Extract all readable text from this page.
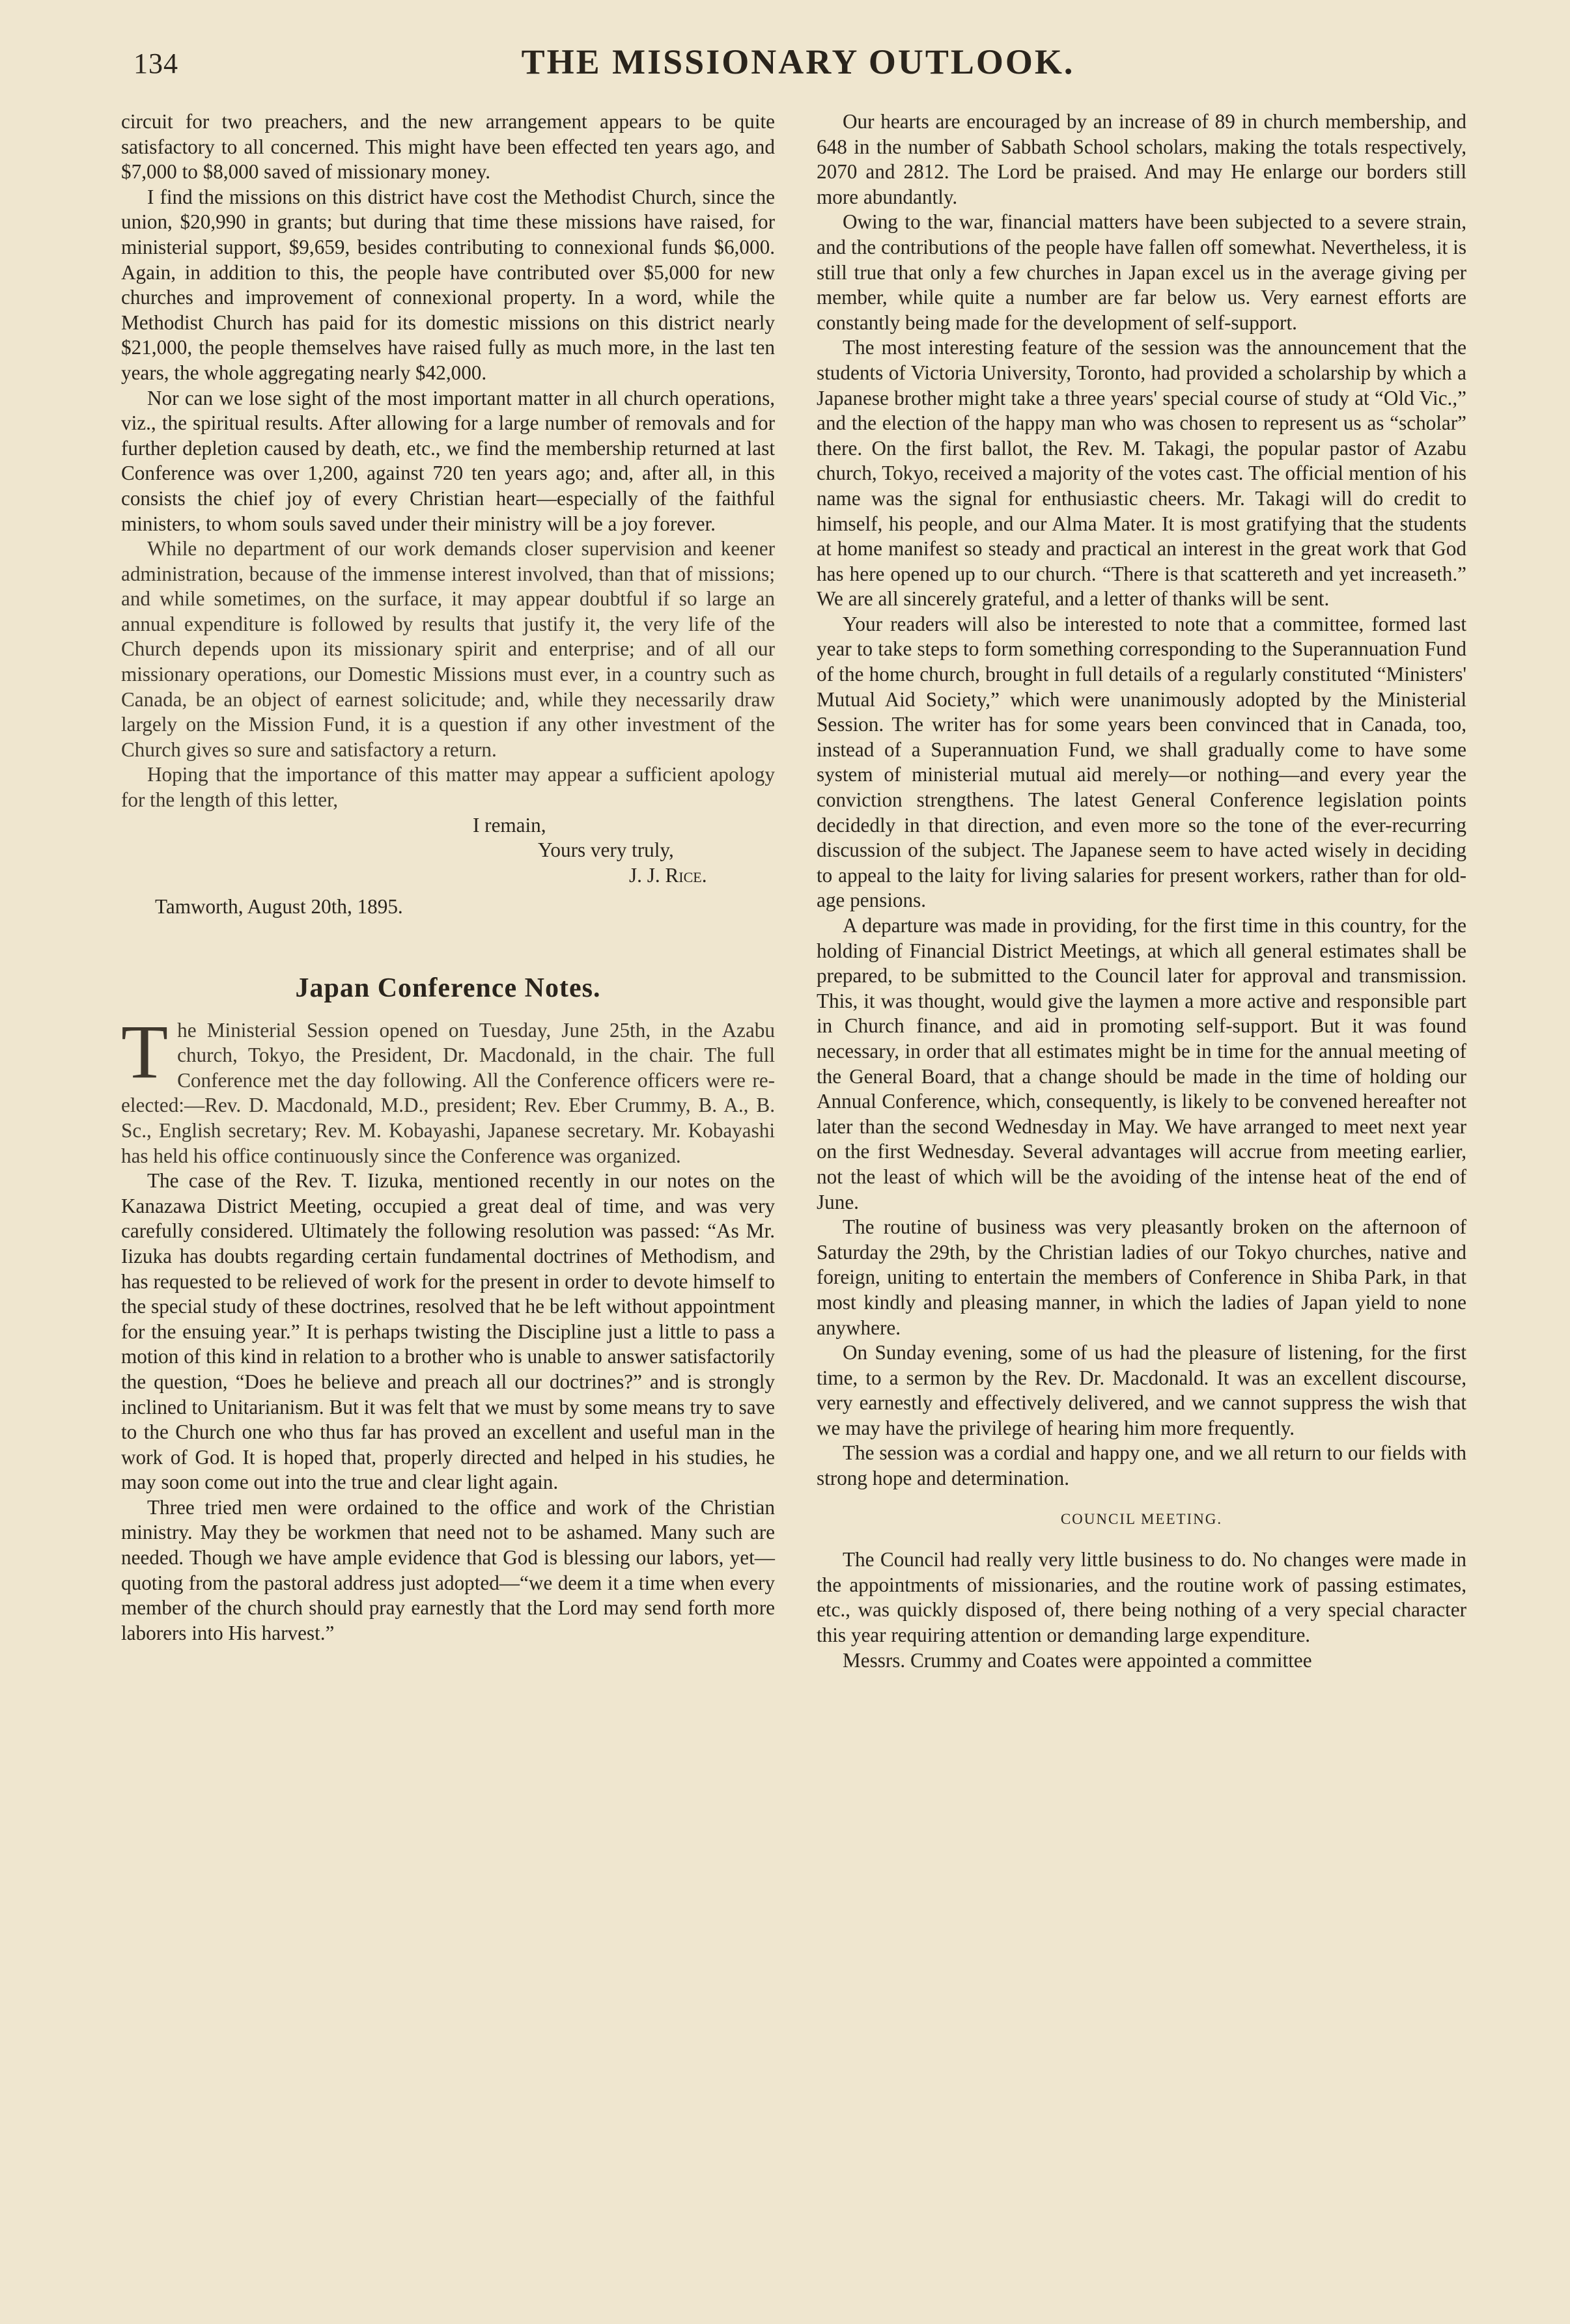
134	THE MISSIONARY OUTLOOK.

circuit for two preachers, and the new arrangement appears to be quite satisfactory to all concerned. This might have been effected ten years ago, and $7,000 to $8,000 saved of missionary money.

I find the missions on this district have cost the Methodist Church, since the union, $20,990 in grants; but during that time these missions have raised, for ministerial support, $9,659, besides contributing to connexional funds $6,000. Again, in addition to this, the people have contributed over $5,000 for new churches and improvement of connexional property. In a word, while the Methodist Church has paid for its domestic missions on this district nearly $21,000, the people themselves have raised fully as much more, in the last ten years, the whole aggregating nearly $42,000.

Nor can we lose sight of the most important matter in all church operations, viz., the spiritual results. After allowing for a large number of removals and for further depletion caused by death, etc., we find the membership returned at last Conference was over 1,200, against 720 ten years ago; and, after all, in this consists the chief joy of every Christian heart—especially of the faithful ministers, to whom souls saved under their ministry will be a joy forever.

While no department of our work demands closer supervision and keener administration, because of the immense interest involved, than that of missions; and while sometimes, on the surface, it may appear doubtful if so large an annual expenditure is followed by results that justify it, the very life of the Church depends upon its missionary spirit and enterprise; and of all our missionary operations, our Domestic Missions must ever, in a country such as Canada, be an object of earnest solicitude; and, while they necessarily draw largely on the Mission Fund, it is a question if any other investment of the Church gives so sure and satisfactory a return.

Hoping that the importance of this matter may appear a sufficient apology for the length of this letter,

I remain,
Yours very truly,
J. J. Rice.
Tamworth, August 20th, 1895.
Japan Conference Notes.

The Ministerial Session opened on Tuesday, June 25th, in the Azabu church, Tokyo, the President, Dr. Macdonald, in the chair. The full Conference met the day following. All the Conference officers were re-elected:—Rev. D. Macdonald, M.D., president; Rev. Eber Crummy, B. A., B. Sc., English secretary; Rev. M. Kobayashi, Japanese secretary. Mr. Kobayashi has held his office continuously since the Conference was organized.

The case of the Rev. T. Iizuka, mentioned recently in our notes on the Kanazawa District Meeting, occupied a great deal of time, and was very carefully considered. Ultimately the following resolution was passed: “As Mr. Iizuka has doubts regarding certain fundamental doctrines of Methodism, and has requested to be relieved of work for the present in order to devote himself to the special study of these doctrines, resolved that he be left without appointment for the ensuing year.” It is perhaps twisting the Discipline just a little to pass a motion of this kind in relation to a brother who is unable to answer satisfactorily the question, “Does he believe and preach all our doctrines?” and is strongly inclined to Unitarianism. But it was felt that we must by some means try to save to the Church one who thus far has proved an excellent and useful man in the work of God. It is hoped that, properly directed and helped in his studies, he may soon come out into the true and clear light again.

Three tried men were ordained to the office and work of the Christian ministry. May they be workmen that need not to be ashamed. Many such are needed. Though we have ample evidence that God is blessing our labors, yet—quoting from the pastoral address just adopted—“we deem it a time when every member of the church should pray earnestly that the Lord may send forth more laborers into His harvest.”

Our hearts are encouraged by an increase of 89 in church membership, and 648 in the number of Sabbath School scholars, making the totals respectively, 2070 and 2812. The Lord be praised. And may He enlarge our borders still more abundantly.

Owing to the war, financial matters have been subjected to a severe strain, and the contributions of the people have fallen off somewhat. Nevertheless, it is still true that only a few churches in Japan excel us in the average giving per member, while quite a number are far below us. Very earnest efforts are constantly being made for the development of self-support.

The most interesting feature of the session was the announcement that the students of Victoria University, Toronto, had provided a scholarship by which a Japanese brother might take a three years' special course of study at “Old Vic.,” and the election of the happy man who was chosen to represent us as “scholar” there. On the first ballot, the Rev. M. Takagi, the popular pastor of Azabu church, Tokyo, received a majority of the votes cast. The official mention of his name was the signal for enthusiastic cheers. Mr. Takagi will do credit to himself, his people, and our Alma Mater. It is most gratifying that the students at home manifest so steady and practical an interest in the great work that God has here opened up to our church. “There is that scattereth and yet increaseth.” We are all sincerely grateful, and a letter of thanks will be sent.

Your readers will also be interested to note that a committee, formed last year to take steps to form something corresponding to the Superannuation Fund of the home church, brought in full details of a regularly constituted “Ministers' Mutual Aid Society,” which were unanimously adopted by the Ministerial Session. The writer has for some years been convinced that in Canada, too, instead of a Superannuation Fund, we shall gradually come to have some system of ministerial mutual aid merely—or nothing—and every year the conviction strengthens. The latest General Conference legislation points decidedly in that direction, and even more so the tone of the ever-recurring discussion of the subject. The Japanese seem to have acted wisely in deciding to appeal to the laity for living salaries for present workers, rather than for old-age pensions.

A departure was made in providing, for the first time in this country, for the holding of Financial District Meetings, at which all general estimates shall be prepared, to be submitted to the Council later for approval and transmission. This, it was thought, would give the laymen a more active and responsible part in Church finance, and aid in promoting self-support. But it was found necessary, in order that all estimates might be in time for the annual meeting of the General Board, that a change should be made in the time of holding our Annual Conference, which, consequently, is likely to be convened hereafter not later than the second Wednesday in May. We have arranged to meet next year on the first Wednesday. Several advantages will accrue from meeting earlier, not the least of which will be the avoiding of the intense heat of the end of June.

The routine of business was very pleasantly broken on the afternoon of Saturday the 29th, by the Christian ladies of our Tokyo churches, native and foreign, uniting to entertain the members of Conference in Shiba Park, in that most kindly and pleasing manner, in which the ladies of Japan yield to none anywhere.

On Sunday evening, some of us had the pleasure of listening, for the first time, to a sermon by the Rev. Dr. Macdonald. It was an excellent discourse, very earnestly and effectively delivered, and we cannot suppress the wish that we may have the privilege of hearing him more frequently.

The session was a cordial and happy one, and we all return to our fields with strong hope and determination.

COUNCIL MEETING.

The Council had really very little business to do. No changes were made in the appointments of missionaries, and the routine work of passing estimates, etc., was quickly disposed of, there being nothing of a very special character this year requiring attention or demanding large expenditure.

Messrs. Crummy and Coates were appointed a committee
